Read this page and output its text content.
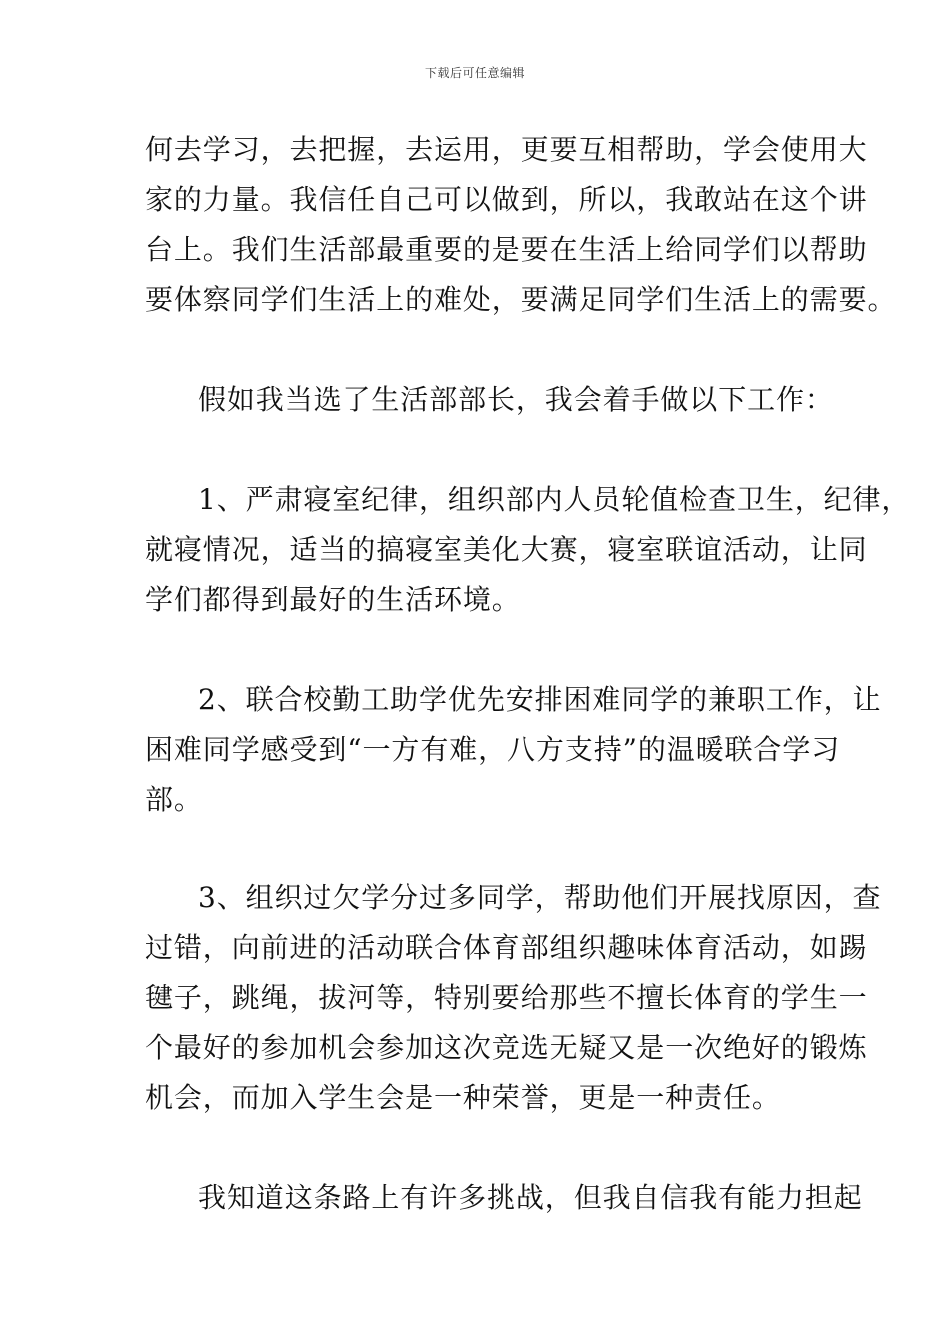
下载后可任意编辑
何去学习，去把握，去运用，更要互相帮助，学会使用大
家的力量。我信任自己可以做到，所以，我敢站在这个讲
台上。我们生活部最重要的是要在生活上给同学们以帮助
要体察同学们生活上的难处，要满足同学们生活上的需要。
假如我当选了生活部部长，我会着手做以下工作：
1、严肃寝室纪律，组织部内人员轮值检查卫生，纪律，
就寝情况，适当的搞寝室美化大赛，寝室联谊活动，让同
学们都得到最好的生活环境。
2、联合校勤工助学优先安排困难同学的兼职工作，让
困难同学感受到“一方有难，八方支持”的温暖联合学习
部。
3、组织过欠学分过多同学，帮助他们开展找原因，查
过错，向前进的活动联合体育部组织趣味体育活动，如踢
毽子，跳绳，拔河等，特别要给那些不擅长体育的学生一
个最好的参加机会参加这次竞选无疑又是一次绝好的锻炼
机会，而加入学生会是一种荣誉，更是一种责任。
我知道这条路上有许多挑战，但我自信我有能力担起
